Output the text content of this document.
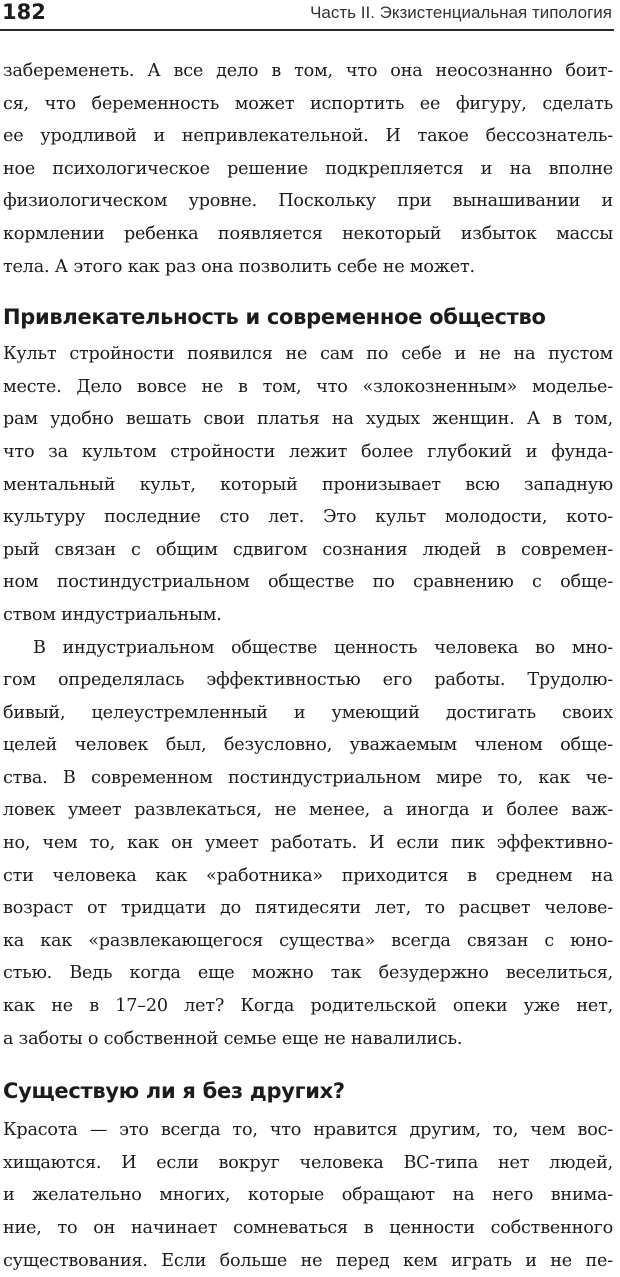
182	Часть II. Экзистенциальная типология
забеременеть. А все дело в том, что она неосознанно боит-
ся, что беременность может испортить ее фигуру, сделать
ее уродливой и непривлекательной. И такое бессознатель-
ное психологическое решение подкрепляется и на вполне
физиологическом уровне. Поскольку при вынашивании и
кормлении ребенка появляется некоторый избыток массы
тела. А этого как раз она позволить себе не может.
Привлекательность и современное общество
Культ стройности появился не сам по себе и не на пустом
месте. Дело вовсе не в том, что «злокозненным» моделье-
рам удобно вешать свои платья на худых женщин. А в том,
что за культом стройности лежит более глубокий и фунда-
ментальный культ, который пронизывает всю западную
культуру последние сто лет. Это культ молодости, кото-
рый связан с общим сдвигом сознания людей в современ-
ном постиндустриальном обществе по сравнению с обще-
ством индустриальным.
В индустриальном обществе ценность человека во мно-
гом определялась эффективностью его работы. Трудолю-
бивый, целеустремленный и умеющий достигать своих
целей человек был, безусловно, уважаемым членом обще-
ства. В современном постиндустриальном мире то, как че-
ловек умеет развлекаться, не менее, а иногда и более важ-
но, чем то, как он умеет работать. И если пик эффективно-
сти человека как «работника» приходится в среднем на
возраст от тридцати до пятидесяти лет, то расцвет челове-
ка как «развлекающегося существа» всегда связан с юно-
стью. Ведь когда еще можно так безудержно веселиться,
как не в 17–20 лет? Когда родительской опеки уже нет,
а заботы о собственной семье еще не навалились.
Существую ли я без других?
Красота — это всегда то, что нравится другим, то, чем вос-
хищаются. И если вокруг человека ВС-типа нет людей,
и желательно многих, которые обращают на него внима-
ние, то он начинает сомневаться в ценности собственного
существования. Если больше не перед кем играть и не пе-
